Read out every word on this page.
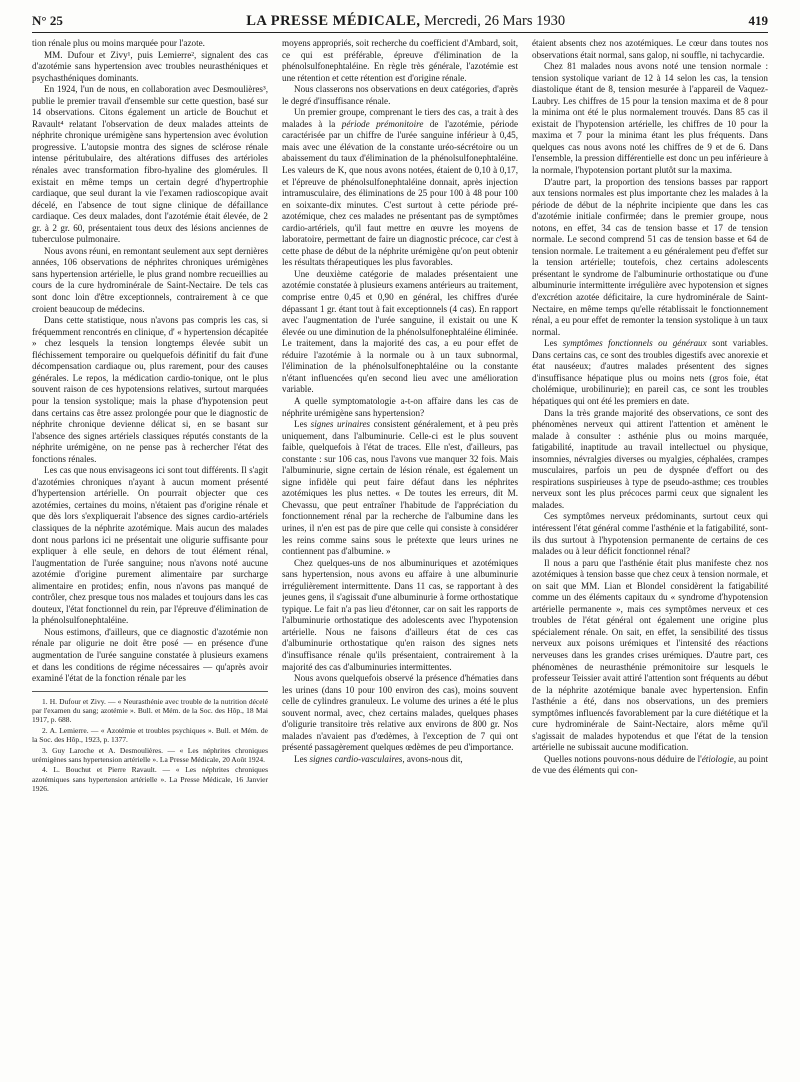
N° 25	LA PRESSE MÉDICALE, Mercredi, 26 Mars 1930	419

tion rénale plus ou moins marquée pour l'azote.

MM. Dufour et Zivy¹, puis Lemierre², signalent des cas d'azotémie sans hypertension avec troubles neurasthéniques et psychasthéniques dominants.

En 1924, l'un de nous, en collaboration avec Desmoulières³, publie le premier travail d'ensemble sur cette question, basé sur 14 observations. Citons également un article de Bouchut et Ravault⁴ relatant l'observation de deux malades atteints de néphrite chronique urémigène sans hypertension avec évolution progressive. L'autopsie montra des signes de sclérose rénale intense péritubulaire, des altérations diffuses des artérioles rénales avec transformation fibro-hyaline des glomérules. Il existait en même temps un certain degré d'hypertrophie cardiaque, que seul durant la vie l'examen radioscopique avait décelé, en l'absence de tout signe clinique de défaillance cardiaque. Ces deux malades, dont l'azotémie était élevée, de 2 gr. à 2 gr. 60, présentaient tous deux des lésions anciennes de tuberculose pulmonaire.

Nous avons réuni, en remontant seulement aux sept dernières années, 106 observations de néphrites chroniques urémigènes sans hypertension artérielle, le plus grand nombre recueillies au cours de la cure hydrominérale de Saint-Nectaire. De tels cas sont donc loin d'être exceptionnels, contrairement à ce que croient beaucoup de médecins.

Dans cette statistique, nous n'avons pas compris les cas, si fréquemment rencontrés en clinique, d' « hypertension décapitée » chez lesquels la tension longtemps élevée subit un fléchissement temporaire ou quelquefois définitif du fait d'une décompensation cardiaque ou, plus rarement, pour des causes générales. Le repos, la médication cardio-tonique, ont le plus souvent raison de ces hypotensions relatives, surtout marquées pour la tension systolique; mais la phase d'hypotension peut dans certains cas être assez prolongée pour que le diagnostic de néphrite chronique devienne délicat si, en se basant sur l'absence des signes artériels classiques réputés constants de la néphrite urémigène, on ne pense pas à rechercher l'état des fonctions rénales.

Les cas que nous envisageons ici sont tout différents. Il s'agit d'azotémies chroniques n'ayant à aucun moment présenté d'hypertension artérielle. On pourrait objecter que ces azotémies, certaines du moins, n'étaient pas d'origine rénale et que dès lors s'expliquerait l'absence des signes cardio-artériels classiques de la néphrite azotémique. Mais aucun des malades dont nous parlons ici ne présentait une oligurie suffisante pour expliquer à elle seule, en dehors de tout élément rénal, l'augmentation de l'urée sanguine; nous n'avons noté aucune azotémie d'origine purement alimentaire par surcharge alimentaire en protides; enfin, nous n'avons pas manqué de contrôler, chez presque tous nos malades et toujours dans les cas douteux, l'état fonctionnel du rein, par l'épreuve d'élimination de la phénolsulfonephtaléine.

Nous estimons, d'ailleurs, que ce diagnostic d'azotémie non rénale par oligurie ne doit être posé — en présence d'une augmentation de l'urée sanguine constatée à plusieurs examens et dans les conditions de régime nécessaires — qu'après avoir examiné l'état de la fonction rénale par les

1. H. Dufour et Zivy. — « Neurasthénie avec trouble de la nutrition décelé par l'examen du sang; azotémie ». Bull. et Mém. de la Soc. des Hôp., 18 Mai 1917, p. 688.

2. A. Lemierre. — « Azotémie et troubles psychiques ». Bull. et Mém. de la Soc. des Hôp., 1923, p. 1377.

3. Guy Laroche et A. Desmoulières. — « Les néphrites chroniques urémigènes sans hypertension artérielle ». La Presse Médicale, 20 Août 1924.

4. L. Bouchut et Pierre Ravault. — « Les néphrites chroniques azotémiques sans hypertension artérielle ». La Presse Médicale, 16 Janvier 1926.

moyens appropriés, soit recherche du coefficient d'Ambard, soit, ce qui est préférable, épreuve d'élimination de la phénolsulfonephtaléine. En règle très générale, l'azotémie est une rétention et cette rétention est d'origine rénale.

Nous classerons nos observations en deux catégories, d'après le degré d'insuffisance rénale.

Un premier groupe, comprenant le tiers des cas, a trait à des malades à la période prémonitoire de l'azotémie, période caractérisée par un chiffre de l'urée sanguine inférieur à 0,45, mais avec une élévation de la constante uréo-sécrétoire ou un abaissement du taux d'élimination de la phénolsulfonephtaléine. Les valeurs de K, que nous avons notées, étaient de 0,10 à 0,17, et l'épreuve de phénolsulfonephtaléine donnait, après injection intramusculaire, des éliminations de 25 pour 100 à 48 pour 100 en soixante-dix minutes. C'est surtout à cette période pré-azotémique, chez ces malades ne présentant pas de symptômes cardio-artériels, qu'il faut mettre en œuvre les moyens de laboratoire, permettant de faire un diagnostic précoce, car c'est à cette phase de début de la néphrite urémigène qu'on peut obtenir les résultats thérapeutiques les plus favorables.

Une deuxième catégorie de malades présentaient une azotémie constatée à plusieurs examens antérieurs au traitement, comprise entre 0,45 et 0,90 en général, les chiffres d'urée dépassant 1 gr. étant tout à fait exceptionnels (4 cas). En rapport avec l'augmentation de l'urée sanguine, il existait ou une K élevée ou une diminution de la phénolsulfonephtaléine éliminée. Le traitement, dans la majorité des cas, a eu pour effet de réduire l'azotémie à la normale ou à un taux subnormal, l'élimination de la phénolsulfonephtaléine ou la constante n'étant influencées qu'en second lieu avec une amélioration variable.

A quelle symptomatologie a-t-on affaire dans les cas de néphrite urémigène sans hypertension?

Les signes urinaires consistent généralement, et à peu près uniquement, dans l'albuminurie. Celle-ci est le plus souvent faible, quelquefois à l'état de traces. Elle n'est, d'ailleurs, pas constante : sur 106 cas, nous l'avons vue manquer 32 fois. Mais l'albuminurie, signe certain de lésion rénale, est également un signe infidèle qui peut faire défaut dans les néphrites azotémiques les plus nettes. « De toutes les erreurs, dit M. Chevassu, que peut entraîner l'habitude de l'appréciation du fonctionnement rénal par la recherche de l'albumine dans les urines, il n'en est pas de pire que celle qui consiste à considérer les reins comme sains sous le prétexte que leurs urines ne contiennent pas d'albumine. »

Chez quelques-uns de nos albuminuriques et azotémiques sans hypertension, nous avons eu affaire à une albuminurie irrégulièrement intermittente. Dans 11 cas, se rapportant à des jeunes gens, il s'agissait d'une albuminurie à forme orthostatique typique. Le fait n'a pas lieu d'étonner, car on sait les rapports de l'albuminurie orthostatique des adolescents avec l'hypotension artérielle. Nous ne faisons d'ailleurs état de ces cas d'albuminurie orthostatique qu'en raison des signes nets d'insuffisance rénale qu'ils présentaient, contrairement à la majorité des cas d'albuminuries intermittentes.

Nous avons quelquefois observé la présence d'hématies dans les urines (dans 10 pour 100 environ des cas), moins souvent celle de cylindres granuleux. Le volume des urines a été le plus souvent normal, avec, chez certains malades, quelques phases d'oligurie transitoire très relative aux environs de 800 gr. Nos malades n'avaient pas d'œdèmes, à l'exception de 7 qui ont présenté passagèrement quelques œdèmes de peu d'importance.

Les signes cardio-vasculaires, avons-nous dit,

étaient absents chez nos azotémiques. Le cœur dans toutes nos observations était normal, sans galop, ni souffle, ni tachycardie.

Chez 81 malades nous avons noté une tension normale : tension systolique variant de 12 à 14 selon les cas, la tension diastolique étant de 8, tension mesurée à l'appareil de Vaquez-Laubry. Les chiffres de 15 pour la tension maxima et de 8 pour la minima ont été le plus normalement trouvés. Dans 85 cas il existait de l'hypotension artérielle, les chiffres de 10 pour la maxima et 7 pour la minima étant les plus fréquents. Dans quelques cas nous avons noté les chiffres de 9 et de 6. Dans l'ensemble, la pression différentielle est donc un peu inférieure à la normale, l'hypotension portant plutôt sur la maxima.

D'autre part, la proportion des tensions basses par rapport aux tensions normales est plus importante chez les malades à la période de début de la néphrite incipiente que dans les cas d'azotémie initiale confirmée; dans le premier groupe, nous notons, en effet, 34 cas de tension basse et 17 de tension normale. Le second comprend 51 cas de tension basse et 64 de tension normale. Le traitement a eu généralement peu d'effet sur la tension artérielle; toutefois, chez certains adolescents présentant le syndrome de l'albuminurie orthostatique ou d'une albuminurie intermittente irrégulière avec hypotension et signes d'excrétion azotée déficitaire, la cure hydrominérale de Saint-Nectaire, en même temps qu'elle rétablissait le fonctionnement rénal, a eu pour effet de remonter la tension systolique à un taux normal.

Les symptômes fonctionnels ou généraux sont variables. Dans certains cas, ce sont des troubles digestifs avec anorexie et état nauséeux; d'autres malades présentent des signes d'insuffisance hépatique plus ou moins nets (gros foie, état cholémique, urobilinurie); en pareil cas, ce sont les troubles hépatiques qui ont été les premiers en date.

Dans la très grande majorité des observations, ce sont des phénomènes nerveux qui attirent l'attention et amènent le malade à consulter : asthénie plus ou moins marquée, fatigabilité, inaptitude au travail intellectuel ou physique, insomnies, névralgies diverses ou myalgies, céphalées, crampes musculaires, parfois un peu de dyspnée d'effort ou des respirations suspirieuses à type de pseudo-asthme; ces troubles nerveux sont les plus précoces parmi ceux que signalent les malades.

Ces symptômes nerveux prédominants, surtout ceux qui intéressent l'état général comme l'asthénie et la fatigabilité, sont-ils dus surtout à l'hypotension permanente de certains de ces malades ou à leur déficit fonctionnel rénal?

Il nous a paru que l'asthénie était plus manifeste chez nos azotémiques à tension basse que chez ceux à tension normale, et on sait que MM. Lian et Blondel considèrent la fatigabilité comme un des éléments capitaux du « syndrome d'hypotension artérielle permanente », mais ces symptômes nerveux et ces troubles de l'état général ont également une origine plus spécialement rénale. On sait, en effet, la sensibilité des tissus nerveux aux poisons urémiques et l'intensité des réactions nerveuses dans les grandes crises urémiques. D'autre part, ces phénomènes de neurasthénie prémonitoire sur lesquels le professeur Teissier avait attiré l'attention sont fréquents au début de la néphrite azotémique banale avec hypertension. Enfin l'asthénie a été, dans nos observations, un des premiers symptômes influencés favorablement par la cure diététique et la cure hydrominérale de Saint-Nectaire, alors même qu'il s'agissait de malades hypotendus et que l'état de la tension artérielle ne subissait aucune modification.

Quelles notions pouvons-nous déduire de l'étiologie, au point de vue des éléments qui con-
